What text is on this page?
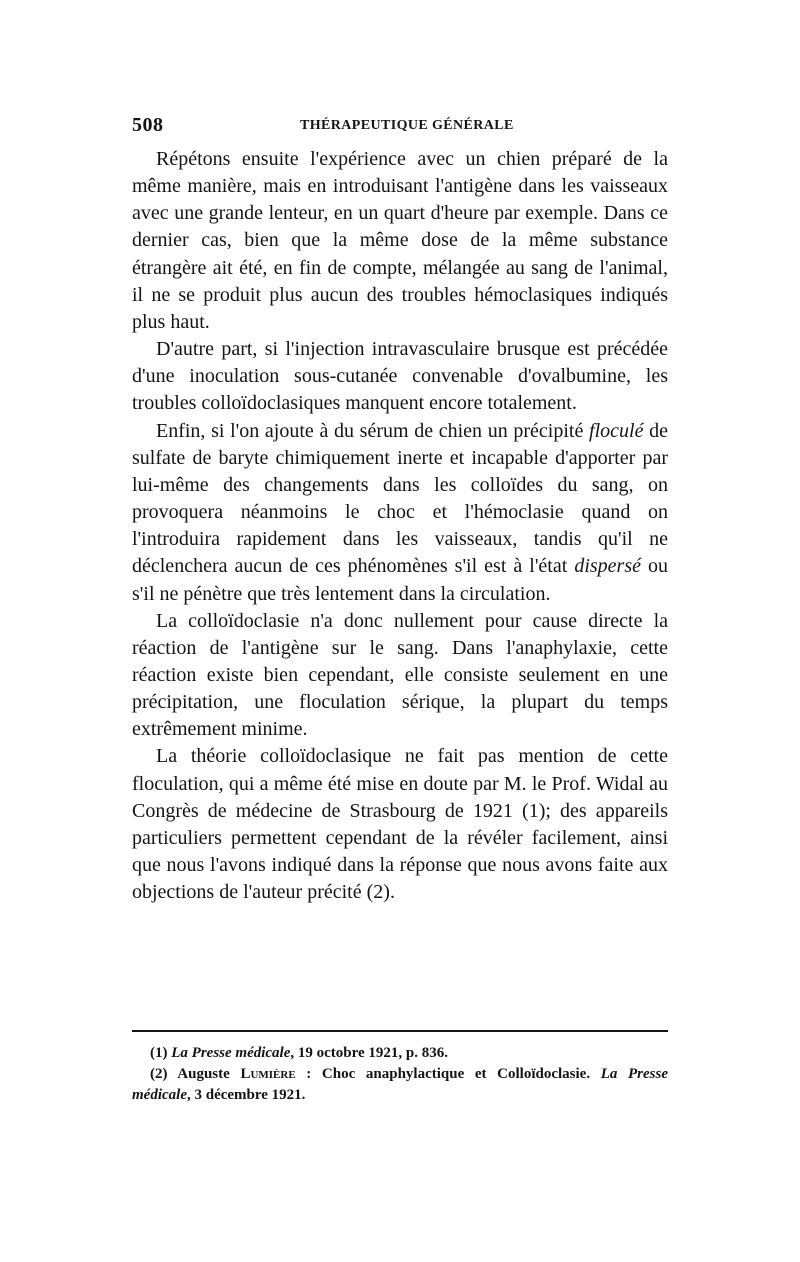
508	THÉRAPEUTIQUE GÉNÉRALE

Répétons ensuite l'expérience avec un chien préparé de la même manière, mais en introduisant l'antigène dans les vaisseaux avec une grande lenteur, en un quart d'heure par exemple. Dans ce dernier cas, bien que la même dose de la même substance étrangère ait été, en fin de compte, mélangée au sang de l'animal, il ne se produit plus aucun des troubles hémoclasiques indiqués plus haut.

D'autre part, si l'injection intravasculaire brusque est précédée d'une inoculation sous-cutanée convenable d'ovalbumine, les troubles colloïdoclasiques manquent encore totalement.

Enfin, si l'on ajoute à du sérum de chien un précipité floculé de sulfate de baryte chimiquement inerte et incapable d'apporter par lui-même des changements dans les colloïdes du sang, on provoquera néanmoins le choc et l'hémoclasie quand on l'introduira rapidement dans les vaisseaux, tandis qu'il ne déclenchera aucun de ces phénomènes s'il est à l'état dispersé ou s'il ne pénètre que très lentement dans la circulation.

La colloïdoclasie n'a donc nullement pour cause directe la réaction de l'antigène sur le sang. Dans l'anaphylaxie, cette réaction existe bien cependant, elle consiste seulement en une précipitation, une floculation sérique, la plupart du temps extrêmement minime.

La théorie colloïdoclasique ne fait pas mention de cette floculation, qui a même été mise en doute par M. le Prof. Widal au Congrès de médecine de Strasbourg de 1921 (1); des appareils particuliers permettent cependant de la révéler facilement, ainsi que nous l'avons indiqué dans la réponse que nous avons faite aux objections de l'auteur précité (2).

(1) La Presse médicale, 19 octobre 1921, p. 836.

(2) Auguste Lumière : Choc anaphylactique et Colloïdoclasie. La Presse médicale, 3 décembre 1921.
